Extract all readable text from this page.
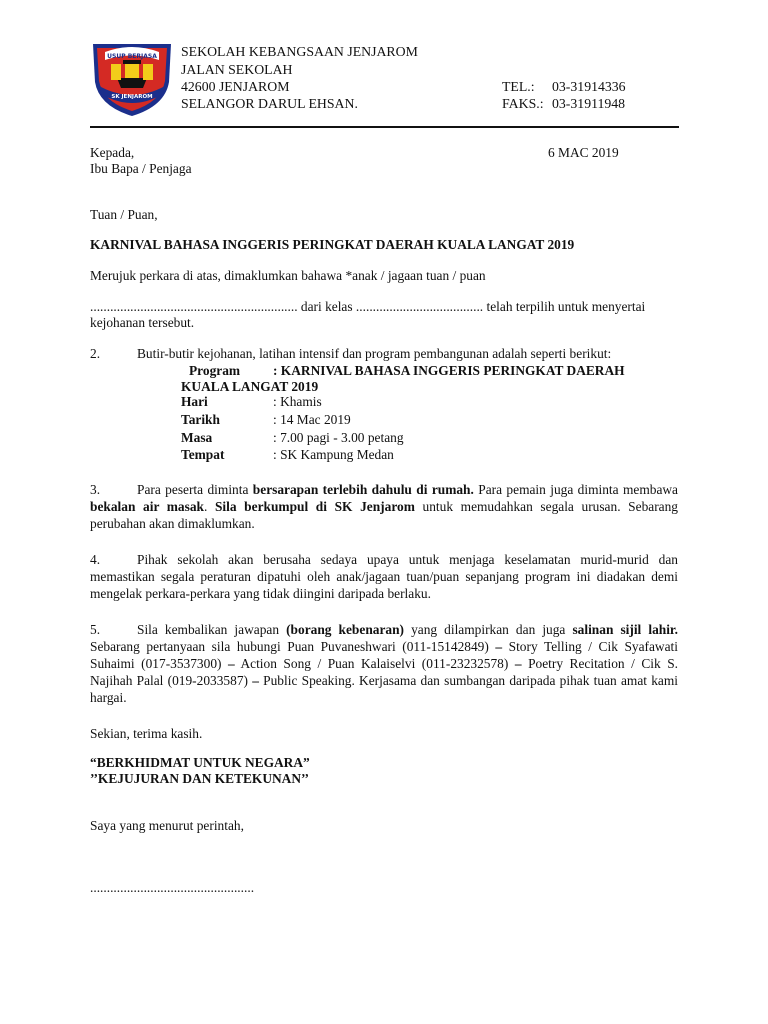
USUP BERJASA
SK JENJAROM
SEKOLAH KEBANGSAAN JENJAROM
JALAN SEKOLAH
42600 JENJAROM
SELANGOR DARUL EHSAN.
TEL.: 03-31914336
FAKS.: 03-31911948
Kepada,
Ibu Bapa / Penjaga
6 MAC 2019
Tuan / Puan,
KARNIVAL BAHASA INGGERIS PERINGKAT DAERAH KUALA LANGAT 2019
Merujuk perkara di atas, dimaklumkan bahawa *anak / jagaan tuan / puan
.............................................................. dari kelas ...................................... telah terpilih untuk menyertai
kejohanan tersebut.
2.	Butir-butir kejohanan, latihan intensif dan program pembangunan adalah seperti berikut:
Program : KARNIVAL BAHASA INGGERIS PERINGKAT DAERAH
KUALA LANGAT 2019
Hari	: Khamis
Tarikh	: 14 Mac 2019
Masa	: 7.00 pagi - 3.00 petang
Tempat	: SK Kampung Medan
3.	Para peserta diminta bersarapan terlebih dahulu di rumah. Para pemain juga diminta membawa bekalan air masak. Sila berkumpul di SK Jenjarom untuk memudahkan segala urusan. Sebarang perubahan akan dimaklumkan.
4.	Pihak sekolah akan berusaha sedaya upaya untuk menjaga keselamatan murid-murid dan memastikan segala peraturan dipatuhi oleh anak/jagaan tuan/puan sepanjang program ini diadakan demi mengelak perkara-perkara yang tidak diingini daripada berlaku.
5.	Sila kembalikan jawapan (borang kebenaran) yang dilampirkan dan juga salinan sijil lahir. Sebarang pertanyaan sila hubungi Puan Puvaneshwari (011-15142849) – Story Telling / Cik Syafawati Suhaimi (017-3537300) – Action Song / Puan Kalaiselvi (011-23232578) – Poetry Recitation / Cik S. Najihah Palal (019-2033587) – Public Speaking. Kerjasama dan sumbangan daripada pihak tuan amat kami hargai.
Sekian, terima kasih.
“BERKHIDMAT UNTUK NEGARA”
’’KEJUJURAN DAN KETEKUNAN’’
Saya yang menurut perintah,
.................................................
